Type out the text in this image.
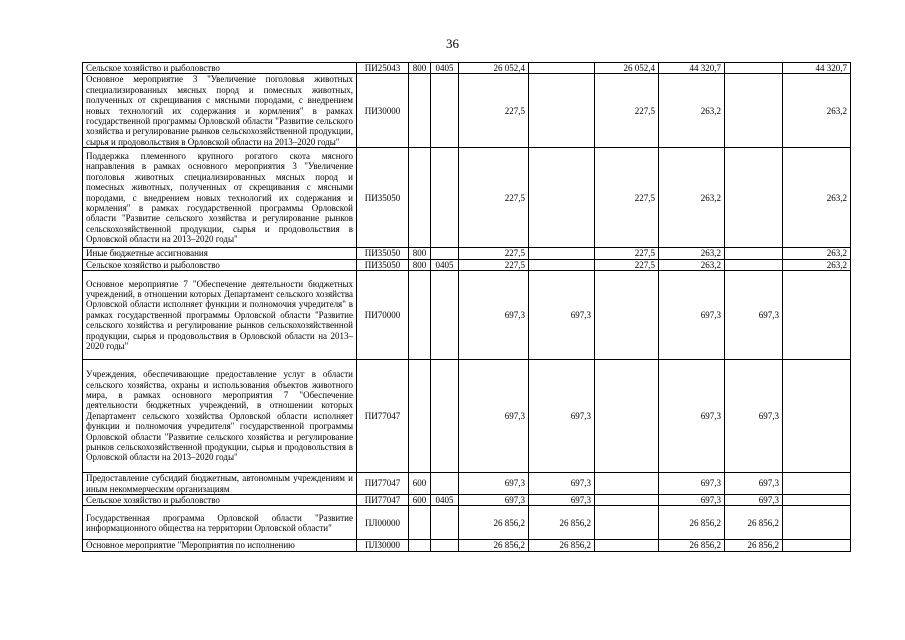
36
Сельское хозяйство и рыболовство	ПИ25043	800	0405	26 052,4		26 052,4	44 320,7		44 320,7
Основное мероприятие 3 "Увеличение поголовья животных специализированных мясных пород и помесных животных, полученных от скрещивания с мясными породами, с внедрением новых технологий их содержания и кормления" в рамках государственной программы Орловской области "Развитие сельского хозяйства и регулирование рынков сельскохозяйственной продукции, сырья и продовольствия в Орловской области на 2013–2020 годы"	ПИ30000			227,5		227,5	263,2		263,2
Поддержка племенного крупного рогатого скота мясного направления в рамках основного мероприятия 3 "Увеличение поголовья животных специализированных мясных пород и помесных животных, полученных от скрещивания с мясными породами, с внедрением новых технологий их содержания и кормления" в рамках государственной программы Орловской области "Развитие сельского хозяйства и регулирование рынков сельскохозяйственной продукции, сырья и продовольствия в Орловской области на 2013–2020 годы"	ПИ35050			227,5		227,5	263,2		263,2
Иные бюджетные ассигнования	ПИ35050	800		227,5		227,5	263,2		263,2
Сельское хозяйство и рыболовство	ПИ35050	800	0405	227,5		227,5	263,2		263,2
Основное мероприятие 7 "Обеспечение деятельности бюджетных учреждений, в отношении которых Департамент сельского хозяйства Орловской области исполняет функции и полномочия учредителя" в рамках государственной программы Орловской области "Развитие сельского хозяйства и регулирование рынков сельскохозяйственной продукции, сырья и продовольствия в Орловской области на 2013–2020 годы"	ПИ70000			697,3	697,3		697,3	697,3	
Учреждения, обеспечивающие предоставление услуг в области сельского хозяйства, охраны и использования объектов животного мира, в рамках основного мероприятия 7 "Обеспечение деятельности бюджетных учреждений, в отношении которых Департамент сельского хозяйства Орловской области исполняет функции и полномочия учредителя" государственной программы Орловской области "Развитие сельского хозяйства и регулирование рынков сельскохозяйственной продукции, сырья и продовольствия в Орловской области на 2013–2020 годы"	ПИ77047			697,3	697,3		697,3	697,3	
Предоставление субсидий бюджетным, автономным учреждениям и иным некоммерческим организациям	ПИ77047	600		697,3	697,3		697,3	697,3	
Сельское хозяйство и рыболовство	ПИ77047	600	0405	697,3	697,3		697,3	697,3	
Государственная программа Орловской области "Развитие информационного общества на территории Орловской области"	ПЛ00000			26 856,2	26 856,2		26 856,2	26 856,2	
Основное мероприятие "Мероприятия по исполнению	ПЛ30000			26 856,2	26 856,2		26 856,2	26 856,2	
